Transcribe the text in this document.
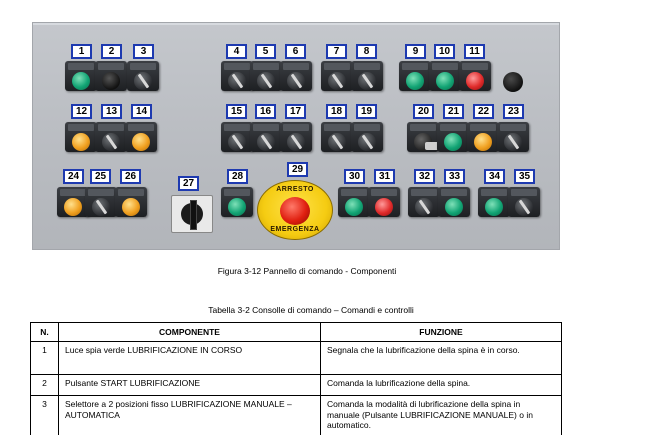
1	2	3	4	5	6	7	8	9	10	11
12	13	14	15	16	17	18	19	20	21	22	23
24	25	26
27
28
29
30	31	32	33	34	35
ARRESTO
EMERGENZA
Figura 3-12 Pannello di comando - Componenti
Tabella 3-2 Consolle di comando – Comandi e controlli
N.	COMPONENTE	FUNZIONE
1	Luce spia verde LUBRIFICAZIONE IN CORSO	Segnala che la lubrificazione della spina è in corso.
2	Pulsante START LUBRIFICAZIONE	Comanda la lubrificazione della spina.
3	Selettore a 2 posizioni fisso LUBRIFICAZIONE MANUALE – AUTOMATICA	Comanda la modalità di lubrificazione della spina in manuale (Pulsante LUBRIFICAZIONE MANUALE) o in automatico.
